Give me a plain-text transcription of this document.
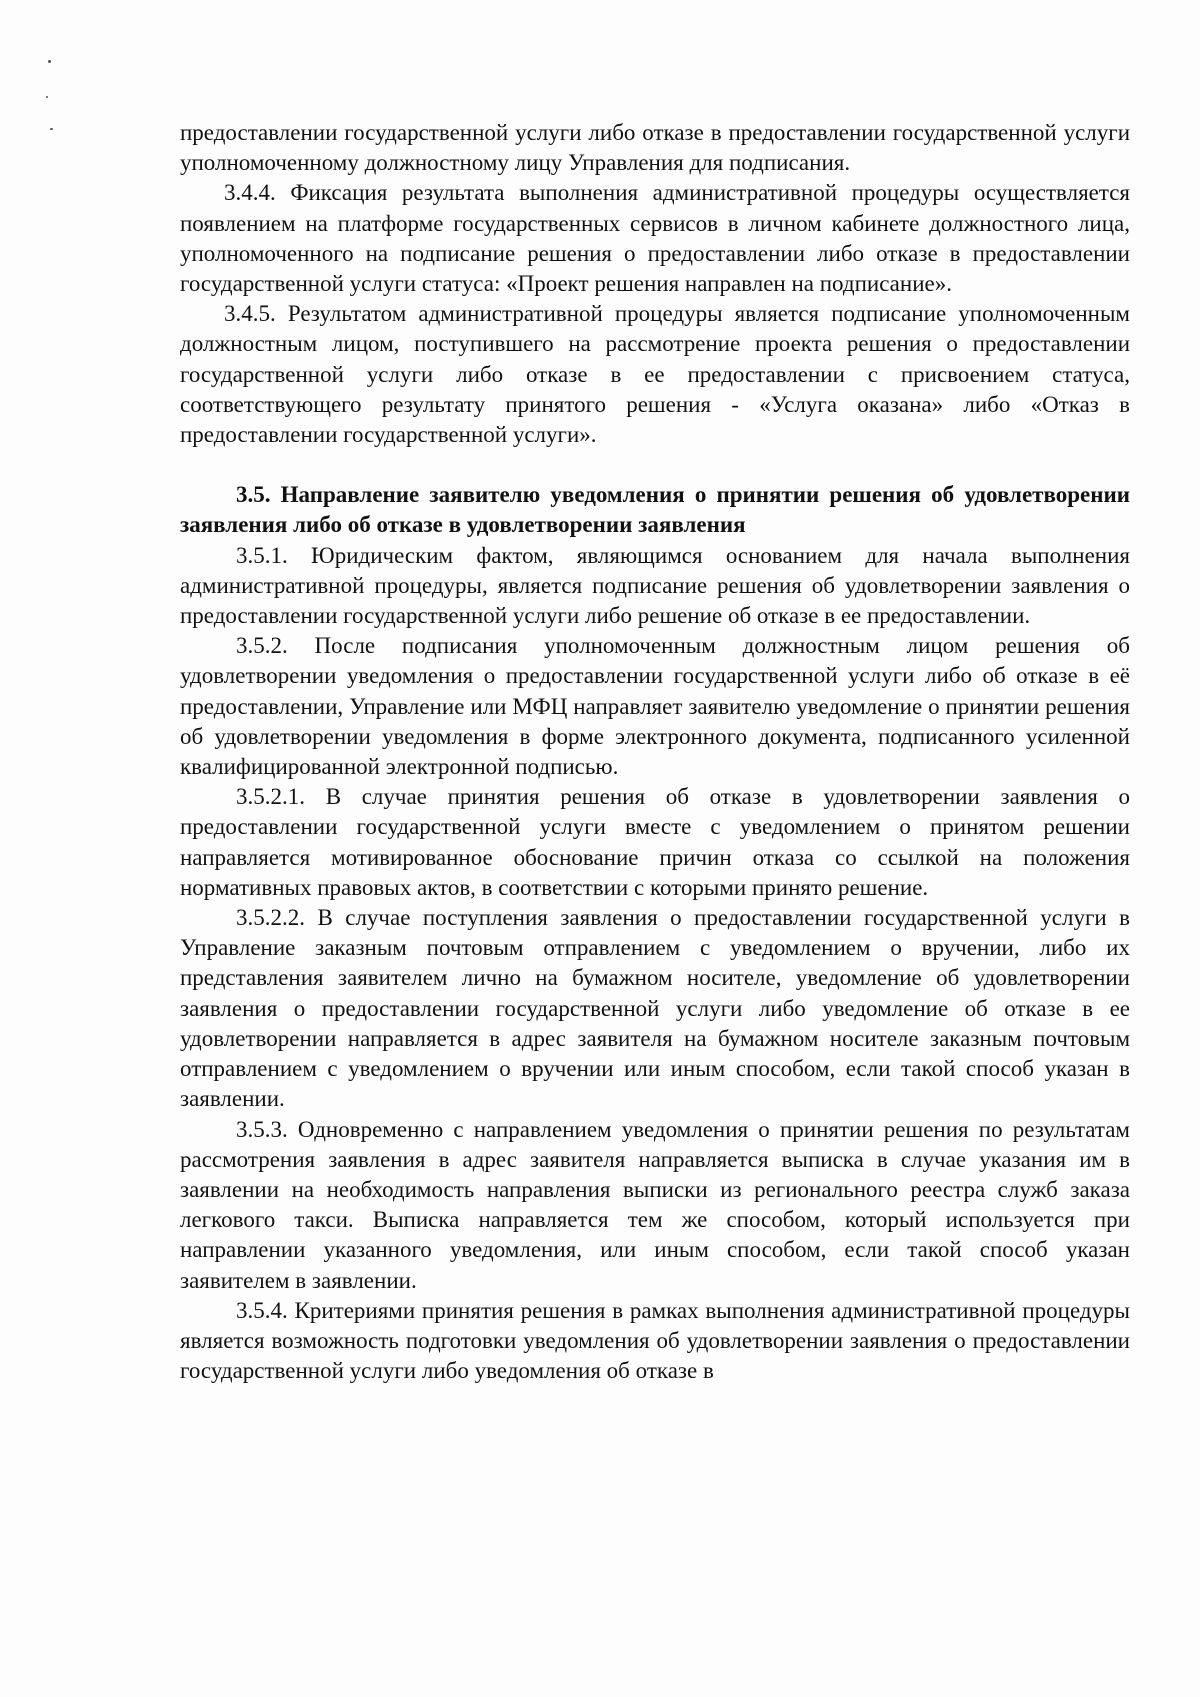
предоставлении государственной услуги либо отказе в предоставлении государственной услуги уполномоченному должностному лицу Управления для подписания.

3.4.4. Фиксация результата выполнения административной процедуры осуществляется появлением на платформе государственных сервисов в личном кабинете должностного лица, уполномоченного на подписание решения о предоставлении либо отказе в предоставлении государственной услуги статуса: «Проект решения направлен на подписание».

3.4.5. Результатом административной процедуры является подписание уполномоченным должностным лицом, поступившего на рассмотрение проекта решения о предоставлении государственной услуги либо отказе в ее предоставлении с присвоением статуса, соответствующего результату принятого решения - «Услуга оказана» либо «Отказ в предоставлении государственной услуги».

3.5. Направление заявителю уведомления о принятии решения об удовлетворении заявления либо об отказе в удовлетворении заявления

3.5.1. Юридическим фактом, являющимся основанием для начала выполнения административной процедуры, является подписание решения об удовлетворении заявления о предоставлении государственной услуги либо решение об отказе в ее предоставлении.

3.5.2. После подписания уполномоченным должностным лицом решения об удовлетворении уведомления о предоставлении государственной услуги либо об отказе в её предоставлении, Управление или МФЦ направляет заявителю уведомление о принятии решения об удовлетворении уведомления в форме электронного документа, подписанного усиленной квалифицированной электронной подписью.

3.5.2.1. В случае принятия решения об отказе в удовлетворении заявления о предоставлении государственной услуги вместе с уведомлением о принятом решении направляется мотивированное обоснование причин отказа со ссылкой на положения нормативных правовых актов, в соответствии с которыми принято решение.

3.5.2.2. В случае поступления заявления о предоставлении государственной услуги в Управление заказным почтовым отправлением с уведомлением о вручении, либо их представления заявителем лично на бумажном носителе, уведомление об удовлетворении заявления о предоставлении государственной услуги либо уведомление об отказе в ее удовлетворении направляется в адрес заявителя на бумажном носителе заказным почтовым отправлением с уведомлением о вручении или иным способом, если такой способ указан в заявлении.

3.5.3. Одновременно с направлением уведомления о принятии решения по результатам рассмотрения заявления в адрес заявителя направляется выписка в случае указания им в заявлении на необходимость направления выписки из регионального реестра служб заказа легкового такси. Выписка направляется тем же способом, который используется при направлении указанного уведомления, или иным способом, если такой способ указан заявителем в заявлении.

3.5.4. Критериями принятия решения в рамках выполнения административной процедуры является возможность подготовки уведомления об удовлетворении заявления о предоставлении государственной услуги либо уведомления об отказе в
